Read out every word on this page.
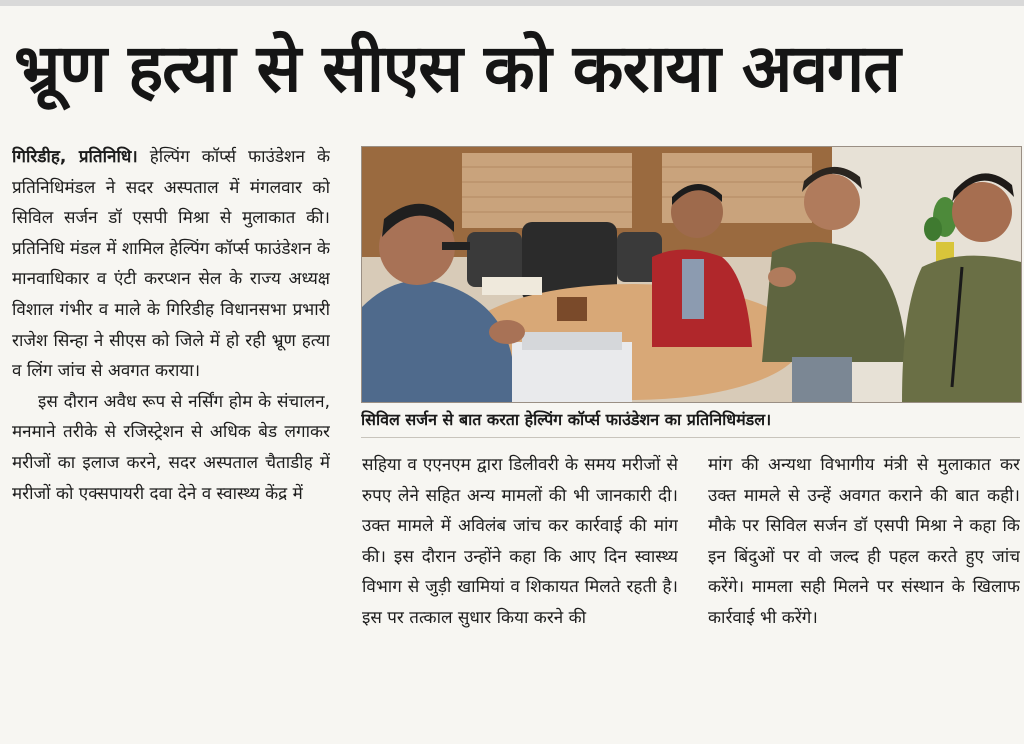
भ्रूण हत्या से सीएस को कराया अवगत

गिरिडीह, प्रतिनिधि। हेल्पिंग कॉर्प्स फाउंडेशन के प्रतिनिधिमंडल ने सदर अस्पताल में मंगलवार को सिविल सर्जन डॉ एसपी मिश्रा से मुलाकात की। प्रतिनिधि मंडल में शामिल हेल्पिंग कॉर्प्स फाउंडेशन के मानवाधिकार व एंटी करप्शन सेल के राज्य अध्यक्ष विशाल गंभीर व माले के गिरिडीह विधानसभा प्रभारी राजेश सिन्हा ने सीएस को जिले में हो रही भ्रूण हत्या व लिंग जांच से अवगत कराया।

इस दौरान अवैध रूप से नर्सिंग होम के संचालन, मनमाने तरीके से रजिस्ट्रेशन से अधिक बेड लगाकर मरीजों का इलाज करने, सदर अस्पताल चैताडीह में मरीजों को एक्सपायरी दवा देने व स्वास्थ्य केंद्र में

सिविल सर्जन से बात करता हेल्पिंग कॉर्प्स फाउंडेशन का प्रतिनिधिमंडल।

सहिया व एएनएम द्वारा डिलीवरी के समय मरीजों से रुपए लेने सहित अन्य मामलों की भी जानकारी दी। उक्त मामले में अविलंब जांच कर कार्रवाई की मांग की। इस दौरान उन्होंने कहा कि आए दिन स्वास्थ्य विभाग से जुड़ी खामियां व शिकायत मिलते रहती है। इस पर तत्काल सुधार किया करने की

मांग की अन्यथा विभागीय मंत्री से मुलाकात कर उक्त मामले से उन्हें अवगत कराने की बात कही। मौके पर सिविल सर्जन डॉ एसपी मिश्रा ने कहा कि इन बिंदुओं पर वो जल्द ही पहल करते हुए जांच करेंगे। मामला सही मिलने पर संस्थान के खिलाफ कार्रवाई भी करेंगे।
